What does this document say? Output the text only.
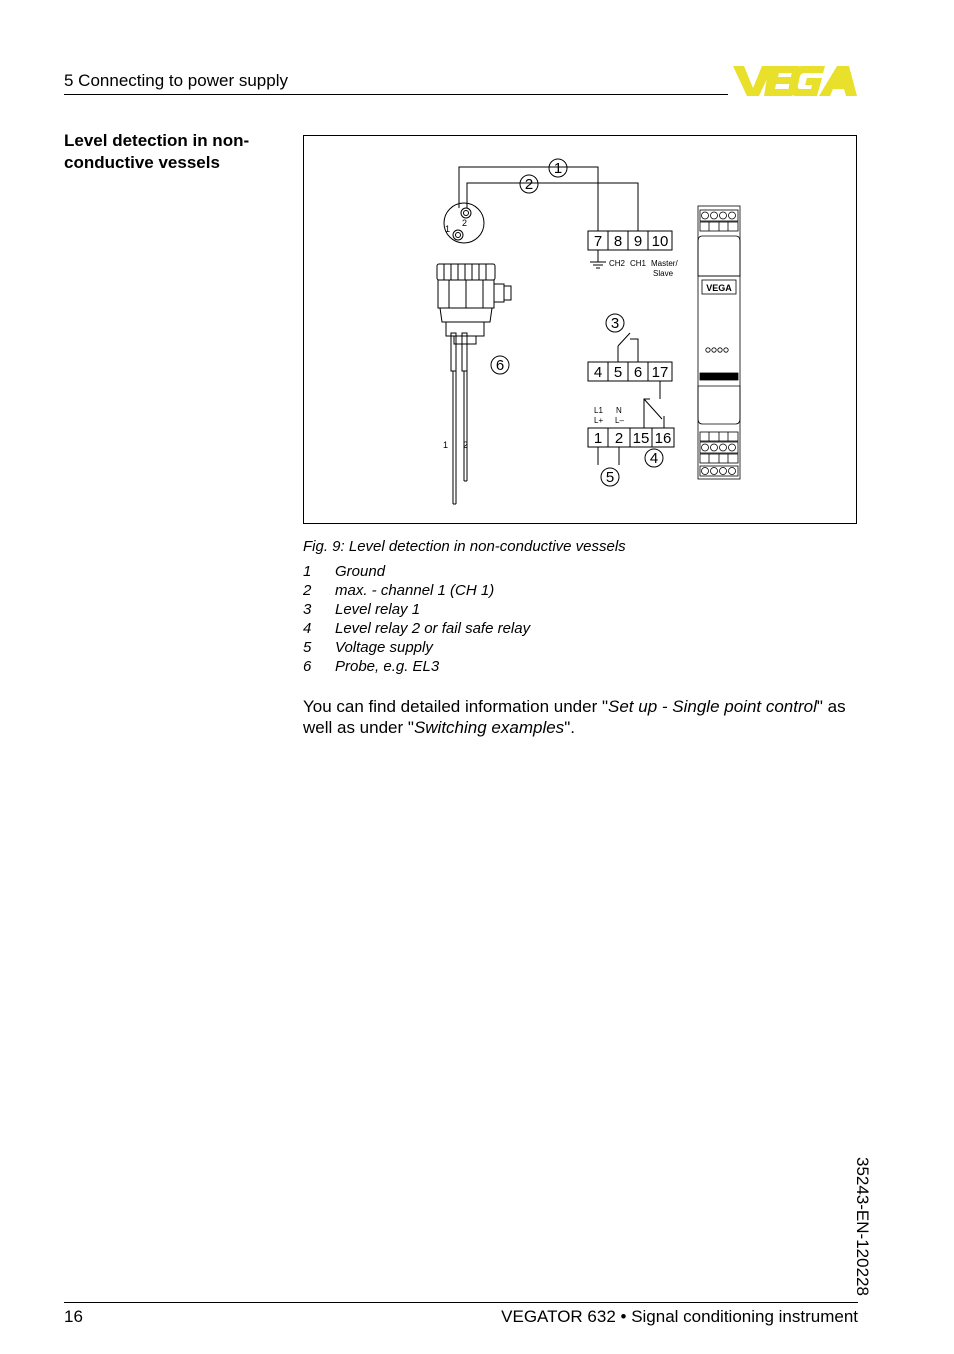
5 Connecting to power supply
Level detection in non-conductive vessels
1
2
1 2
1
2
3
4
5
6
7 8 9 10
CH2 CH1 Master/
Slave
4 5 6 17
L1
L+
N
L–
1 2 15 16
VEGA
Fig. 9: Level detection in non-conductive vessels
1	Ground
2	max. - channel 1 (CH 1)
3	Level relay 1
4	Level relay 2 or fail safe relay
5	Voltage supply
6	Probe, e.g. EL3
You can find detailed information under "Set up - Single point control" as well as under "Switching examples".
35243-EN-120228
16	VEGATOR 632 • Signal conditioning instrument
